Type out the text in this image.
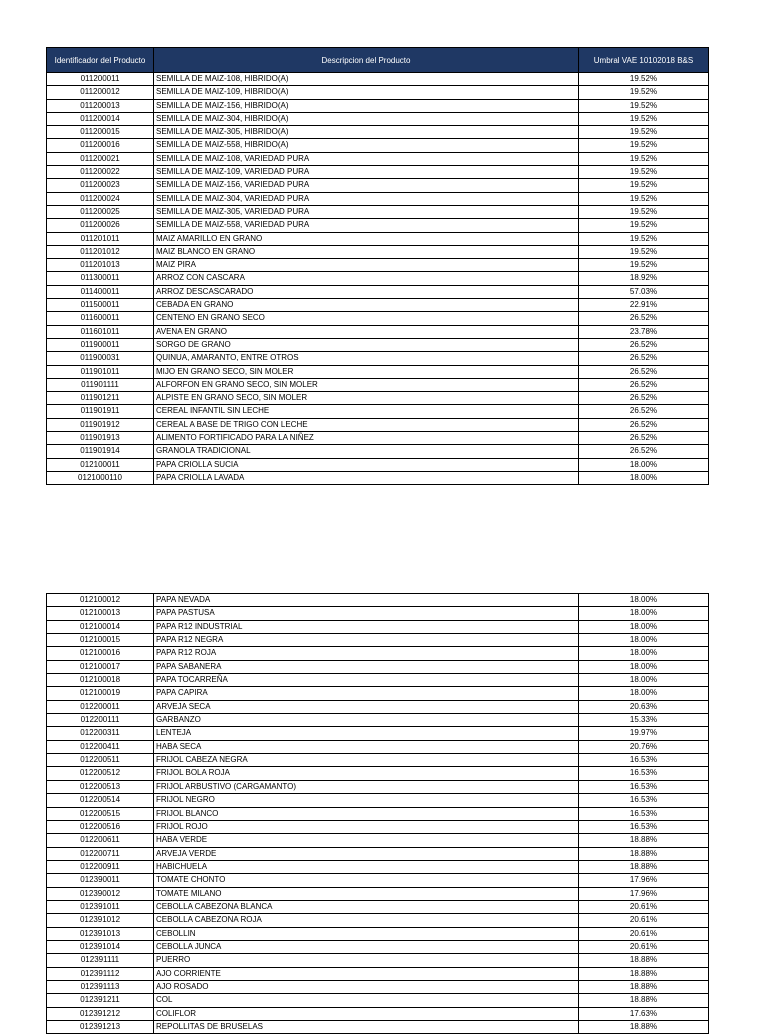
Identificador del Producto	Descripcion del Producto	Umbral VAE 10102018 B&S
011200011	SEMILLA DE MAIZ-108, HIBRIDO(A)	19.52%
011200012	SEMILLA DE MAIZ-109, HIBRIDO(A)	19.52%
011200013	SEMILLA DE MAIZ-156, HIBRIDO(A)	19.52%
011200014	SEMILLA DE MAIZ-304, HIBRIDO(A)	19.52%
011200015	SEMILLA DE MAIZ-305, HIBRIDO(A)	19.52%
011200016	SEMILLA DE MAIZ-558, HIBRIDO(A)	19.52%
011200021	SEMILLA DE MAIZ-108, VARIEDAD PURA	19.52%
011200022	SEMILLA DE MAIZ-109, VARIEDAD PURA	19.52%
011200023	SEMILLA DE MAIZ-156, VARIEDAD PURA	19.52%
011200024	SEMILLA DE MAIZ-304, VARIEDAD PURA	19.52%
011200025	SEMILLA DE MAIZ-305, VARIEDAD PURA	19.52%
011200026	SEMILLA DE MAIZ-558, VARIEDAD PURA	19.52%
011201011	MAIZ AMARILLO EN GRANO	19.52%
011201012	MAIZ BLANCO EN GRANO	19.52%
011201013	MAIZ PIRA	19.52%
011300011	ARROZ CON CASCARA	18.92%
011400011	ARROZ DESCASCARADO	57.03%
011500011	CEBADA EN GRANO	22.91%
011600011	CENTENO EN GRANO SECO	26.52%
011601011	AVENA EN GRANO	23.78%
011900011	SORGO DE GRANO	26.52%
011900031	QUINUA, AMARANTO, ENTRE OTROS	26.52%
011901011	MIJO EN GRANO SECO, SIN MOLER	26.52%
011901111	ALFORFON EN GRANO SECO, SIN MOLER	26.52%
011901211	ALPISTE EN GRANO SECO, SIN MOLER	26.52%
011901911	CEREAL INFANTIL SIN LECHE	26.52%
011901912	CEREAL A BASE DE TRIGO CON LECHE	26.52%
011901913	ALIMENTO FORTIFICADO PARA LA NIÑEZ	26.52%
011901914	GRANOLA TRADICIONAL	26.52%
012100011	PAPA CRIOLLA SUCIA	18.00%
0121000110	PAPA CRIOLLA LAVADA	18.00%
012100012	PAPA NEVADA	18.00%
012100013	PAPA PASTUSA	18.00%
012100014	PAPA R12 INDUSTRIAL	18.00%
012100015	PAPA R12 NEGRA	18.00%
012100016	PAPA R12 ROJA	18.00%
012100017	PAPA SABANERA	18.00%
012100018	PAPA TOCARREÑA	18.00%
012100019	PAPA CAPIRA	18.00%
012200011	ARVEJA SECA	20.63%
012200111	GARBANZO	15.33%
012200311	LENTEJA	19.97%
012200411	HABA SECA	20.76%
012200511	FRIJOL CABEZA NEGRA	16.53%
012200512	FRIJOL BOLA ROJA	16.53%
012200513	FRIJOL ARBUSTIVO (CARGAMANTO)	16.53%
012200514	FRIJOL NEGRO	16.53%
012200515	FRIJOL BLANCO	16.53%
012200516	FRIJOL ROJO	16.53%
012200611	HABA VERDE	18.88%
012200711	ARVEJA VERDE	18.88%
012200911	HABICHUELA	18.88%
012390011	TOMATE CHONTO	17.96%
012390012	TOMATE MILANO	17.96%
012391011	CEBOLLA CABEZONA BLANCA	20.61%
012391012	CEBOLLA CABEZONA ROJA	20.61%
012391013	CEBOLLIN	20.61%
012391014	CEBOLLA JUNCA	20.61%
012391111	PUERRO	18.88%
012391112	AJO CORRIENTE	18.88%
012391113	AJO ROSADO	18.88%
012391211	COL	18.88%
012391212	COLIFLOR	17.63%
012391213	REPOLLITAS DE BRUSELAS	18.88%
